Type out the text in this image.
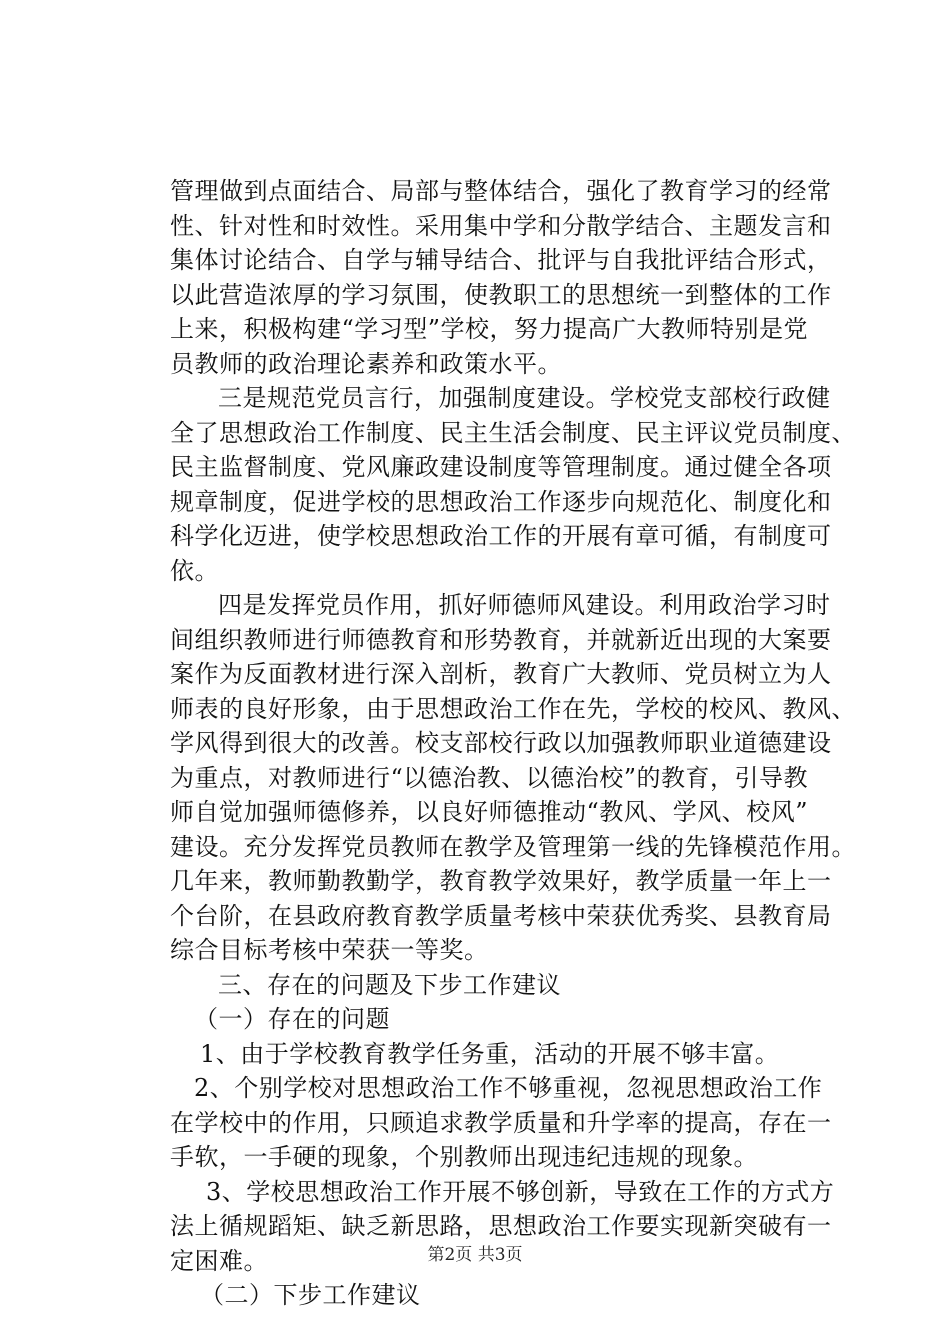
管理做到点面结合、局部与整体结合，强化了教育学习的经常
性、针对性和时效性。采用集中学和分散学结合、主题发言和
集体讨论结合、自学与辅导结合、批评与自我批评结合形式，
以此营造浓厚的学习氛围，使教职工的思想统一到整体的工作
上来，积极构建“学习型”学校，努力提高广大教师特别是党
员教师的政治理论素养和政策水平。
三是规范党员言行，加强制度建设。学校党支部校行政健
全了思想政治工作制度、民主生活会制度、民主评议党员制度、
民主监督制度、党风廉政建设制度等管理制度。通过健全各项
规章制度，促进学校的思想政治工作逐步向规范化、制度化和
科学化迈进，使学校思想政治工作的开展有章可循，有制度可
依。
四是发挥党员作用，抓好师德师风建设。利用政治学习时
间组织教师进行师德教育和形势教育，并就新近出现的大案要
案作为反面教材进行深入剖析，教育广大教师、党员树立为人
师表的良好形象，由于思想政治工作在先，学校的校风、教风、
学风得到很大的改善。校支部校行政以加强教师职业道德建设
为重点，对教师进行“以德治教、以德治校”的教育，引导教
师自觉加强师德修养，以良好师德推动“教风、学风、校风”
建设。充分发挥党员教师在教学及管理第一线的先锋模范作用。
几年来，教师勤教勤学，教育教学效果好，教学质量一年上一
个台阶，在县政府教育教学质量考核中荣获优秀奖、县教育局
综合目标考核中荣获一等奖。
三、存在的问题及下步工作建议
（一）存在的问题
1、由于学校教育教学任务重，活动的开展不够丰富。
2、个别学校对思想政治工作不够重视，忽视思想政治工作
在学校中的作用，只顾追求教学质量和升学率的提高，存在一
手软，一手硬的现象，个别教师出现违纪违规的现象。
3、学校思想政治工作开展不够创新，导致在工作的方式方
法上循规蹈矩、缺乏新思路，思想政治工作要实现新突破有一
定困难。
（二）下步工作建议
第2页 共3页
